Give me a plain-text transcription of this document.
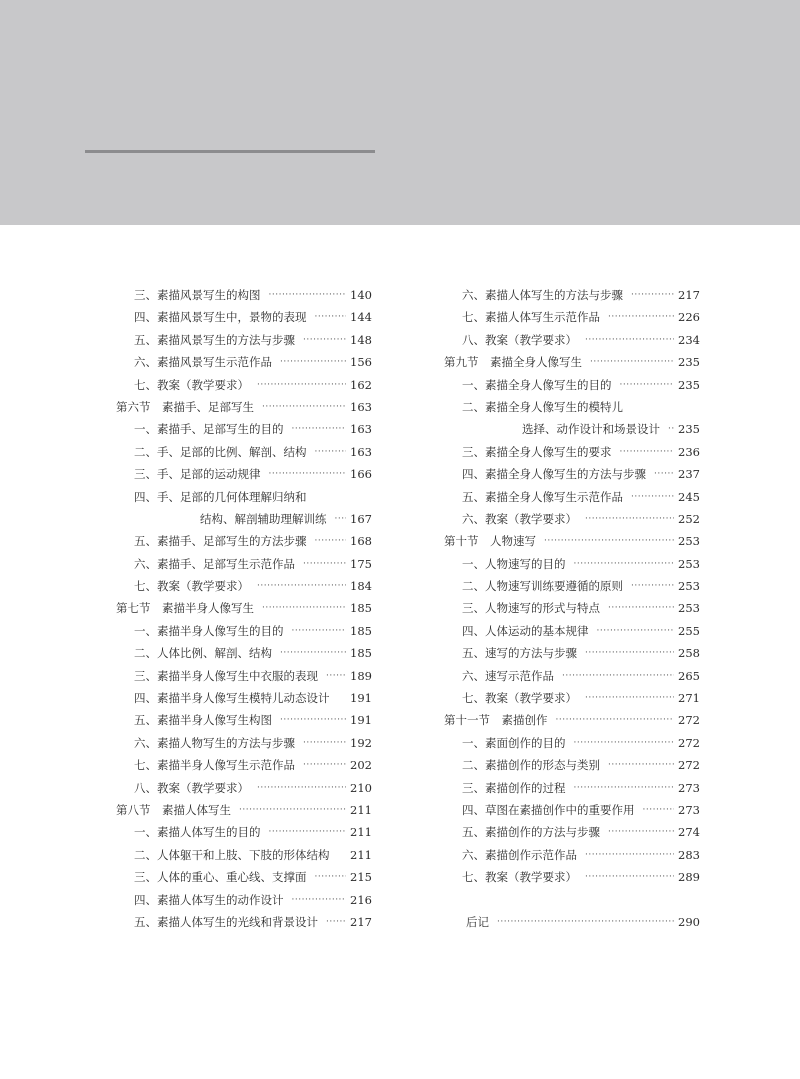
三、素描风景写生的构图 ·····	140
四、素描风景写生中，景物的表现 ·····	144
五、素描风景写生的方法与步骤 ·····	148
六、素描风景写生示范作品 ·····	156
七、教案（教学要求） ·····	162
第六节　素描手、足部写生 ·····	163
一、素描手、足部写生的目的 ·····	163
二、手、足部的比例、解剖、结构 ·····	163
三、手、足部的运动规律 ·····	166
四、手、足部的几何体理解归纳和
结构、解剖辅助理解训练 ····· 167
五、素描手、足部写生的方法步骤 ·····	168
六、素描手、足部写生示范作品 ·····	175
七、教案（教学要求） ·····	184
第七节　素描半身人像写生 ·····	185
一、素描半身人像写生的目的 ·····	185
二、人体比例、解剖、结构 ·····	185
三、素描半身人像写生中衣服的表现 ·····	189
四、素描半身人像写生模特儿动态设计 191
五、素描半身人像写生构图 ·····	191
六、素描人物写生的方法与步骤 ·····	192
七、素描半身人像写生示范作品 ·····	202
八、教案（教学要求） ·····	210
第八节　素描人体写生 ·····	211
一、素描人体写生的目的 ·····	211
二、人体躯干和上肢、下肢的形体结构 211
三、人体的重心、重心线、支撑面 ·····	215
四、素描人体写生的动作设计 ·····	216
五、素描人体写生的光线和背景设计 ·····	217
六、素描人体写生的方法与步骤 ·····	217
七、素描人体写生示范作品 ·····	226
八、教案（教学要求） ·····	234
第九节　素描全身人像写生 ·····	235
一、素描全身人像写生的目的 ·····	235
二、素描全身人像写生的模特儿
选择、动作设计和场景设计 ····· 235
三、素描全身人像写生的要求 ·····	236
四、素描全身人像写生的方法与步骤 ·····	237
五、素描全身人像写生示范作品 ·····	245
六、教案（教学要求） ·····	252
第十节　人物速写 ·····	253
一、人物速写的目的 ·····	253
二、人物速写训练要遵循的原则 ·····	253
三、人物速写的形式与特点 ·····	253
四、人体运动的基本规律 ·····	255
五、速写的方法与步骤 ·····	258
六、速写示范作品 ·····	265
七、教案（教学要求） ·····	271
第十一节　素描创作 ·····	272
一、素面创作的目的 ·····	272
二、素描创作的形态与类别 ·····	272
三、素描创作的过程 ·····	273
四、草图在素描创作中的重要作用 ·····	273
五、素描创作的方法与步骤 ·····	274
六、素描创作示范作品 ·····	283
七、教案（教学要求） ·····	289
后记 ·····	290
